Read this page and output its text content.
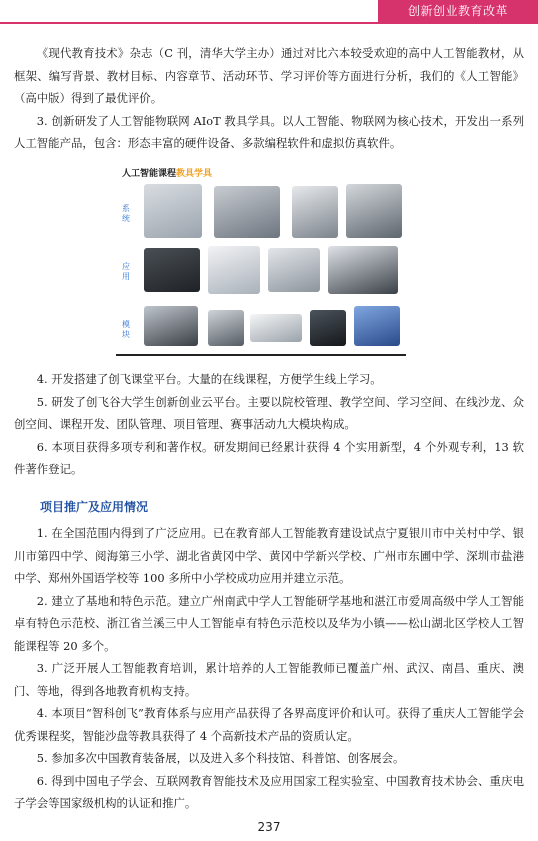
创新创业教育改革

《现代教育技术》杂志（C 刊，清华大学主办）通过对比六本较受欢迎的高中人工智能教材，从框架、编写背景、教材目标、内容章节、活动环节、学习评价等方面进行分析，我们的《人工智能》（高中版）得到了最优评价。

3. 创新研发了人工智能物联网 AIoT 教具学具。以人工智能、物联网为核心技术，开发出一系列人工智能产品，包含：形态丰富的硬件设备、多款编程软件和虚拟仿真软件。

人工智能课程教具学具
系统
应用
模块

4. 开发搭建了创飞课堂平台。大量的在线课程，方便学生线上学习。

5. 研发了创飞谷大学生创新创业云平台。主要以院校管理、教学空间、学习空间、在线沙龙、众创空间、课程开发、团队管理、项目管理、赛事活动九大模块构成。

6. 本项目获得多项专利和著作权。研发期间已经累计获得 4 个实用新型，4 个外观专利，13 软件著作登记。

项目推广及应用情况

1. 在全国范围内得到了广泛应用。已在教育部人工智能教育建设试点宁夏银川市中关村中学、银川市第四中学、阅海第三小学、湖北省黄冈中学、黄冈中学新兴学校、广州市东圃中学、深圳市盐港中学、郑州外国语学校等 100 多所中小学校成功应用并建立示范。

2. 建立了基地和特色示范。建立广州南武中学人工智能研学基地和湛江市爱周高级中学人工智能卓有特色示范校、浙江省兰溪三中人工智能卓有特色示范校以及华为小镇——松山湖北区学校人工智能课程等 20 多个。

3. 广泛开展人工智能教育培训，累计培养的人工智能教师已覆盖广州、武汉、南昌、重庆、澳门、等地，得到各地教育机构支持。

4. 本项目“智科创飞”教育体系与应用产品获得了各界高度评价和认可。获得了重庆人工智能学会优秀课程奖，智能沙盘等教具获得了 4 个高新技术产品的资质认定。

5. 参加多次中国教育装备展，以及进入多个科技馆、科普馆、创客展会。

6. 得到中国电子学会、互联网教育智能技术及应用国家工程实验室、中国教育技术协会、重庆电子学会等国家级机构的认证和推广。

237
